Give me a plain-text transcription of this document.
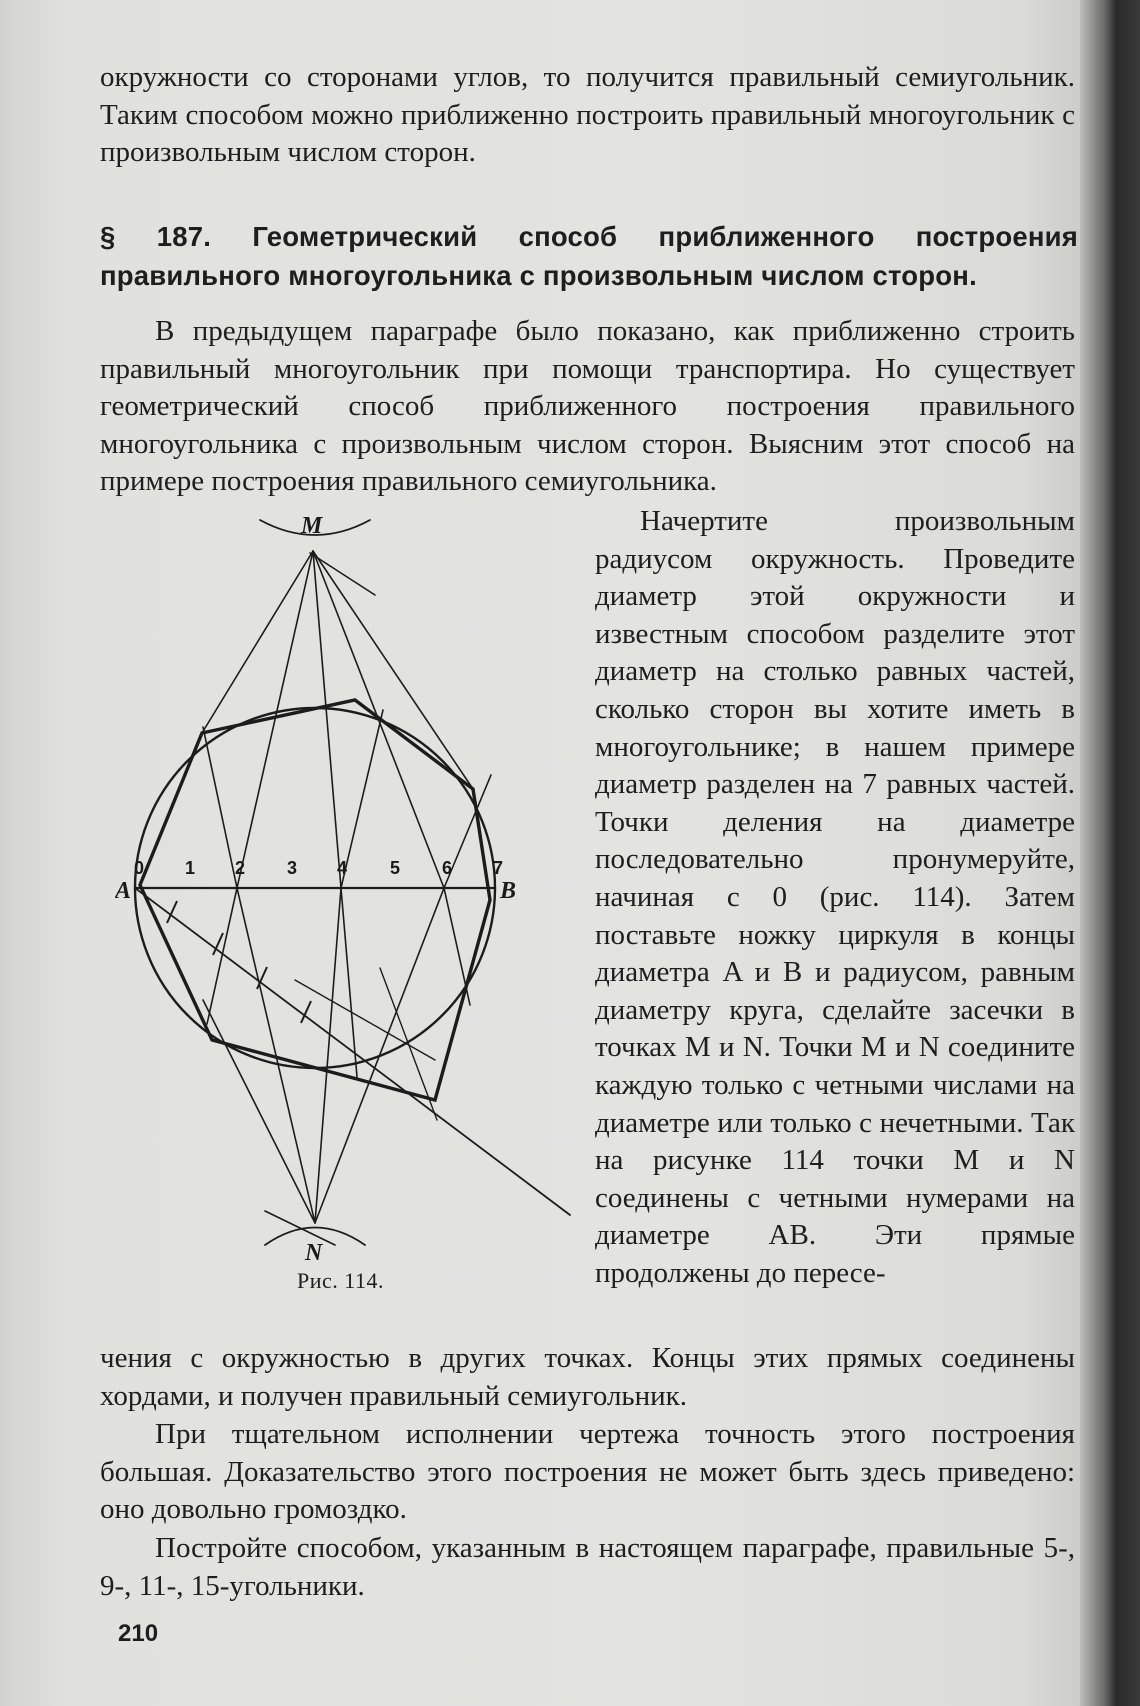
окружности со сторонами углов, то получится правильный семиугольник. Таким способом можно приближенно построить правильный многоугольник с произвольным числом сторон.

§ 187. Геометрический способ приближенного построения правильного многоугольника с произвольным числом сторон.

В предыдущем параграфе было показано, как приближенно строить правильный многоугольник при помощи транспортира. Но существует геометрический способ приближенного построения правильного многоугольника с произвольным числом сторон. Выясним этот способ на примере построения правильного семиугольника.

M
N
A	B
0 1 2 3 4 5 6 7

Рис. 114.

Начертите произвольным радиусом окружность. Проведите диаметр этой окружности и известным способом разделите этот диаметр на столько равных частей, сколько сторон вы хотите иметь в многоугольнике; в нашем примере диаметр разделен на 7 равных частей. Точки деления на диаметре последовательно пронумеруйте, начиная с 0 (рис. 114). Затем поставьте ножку циркуля в концы диаметра A и B и радиусом, равным диаметру круга, сделайте засечки в точках M и N. Точки M и N соедините каждую только с четными числами на диаметре или только с нечетными. Так на рисунке 114 точки M и N соединены с четными нумерами на диаметре AB. Эти прямые продолжены до пересе-

чения с окружностью в других точках. Концы этих прямых соединены хордами, и получен правильный семиугольник.

При тщательном исполнении чертежа точность этого построения большая. Доказательство этого построения не может быть здесь приведено: оно довольно громоздко.

Постройте способом, указанным в настоящем параграфе, правильные 5-, 9-, 11-, 15-угольники.

210
